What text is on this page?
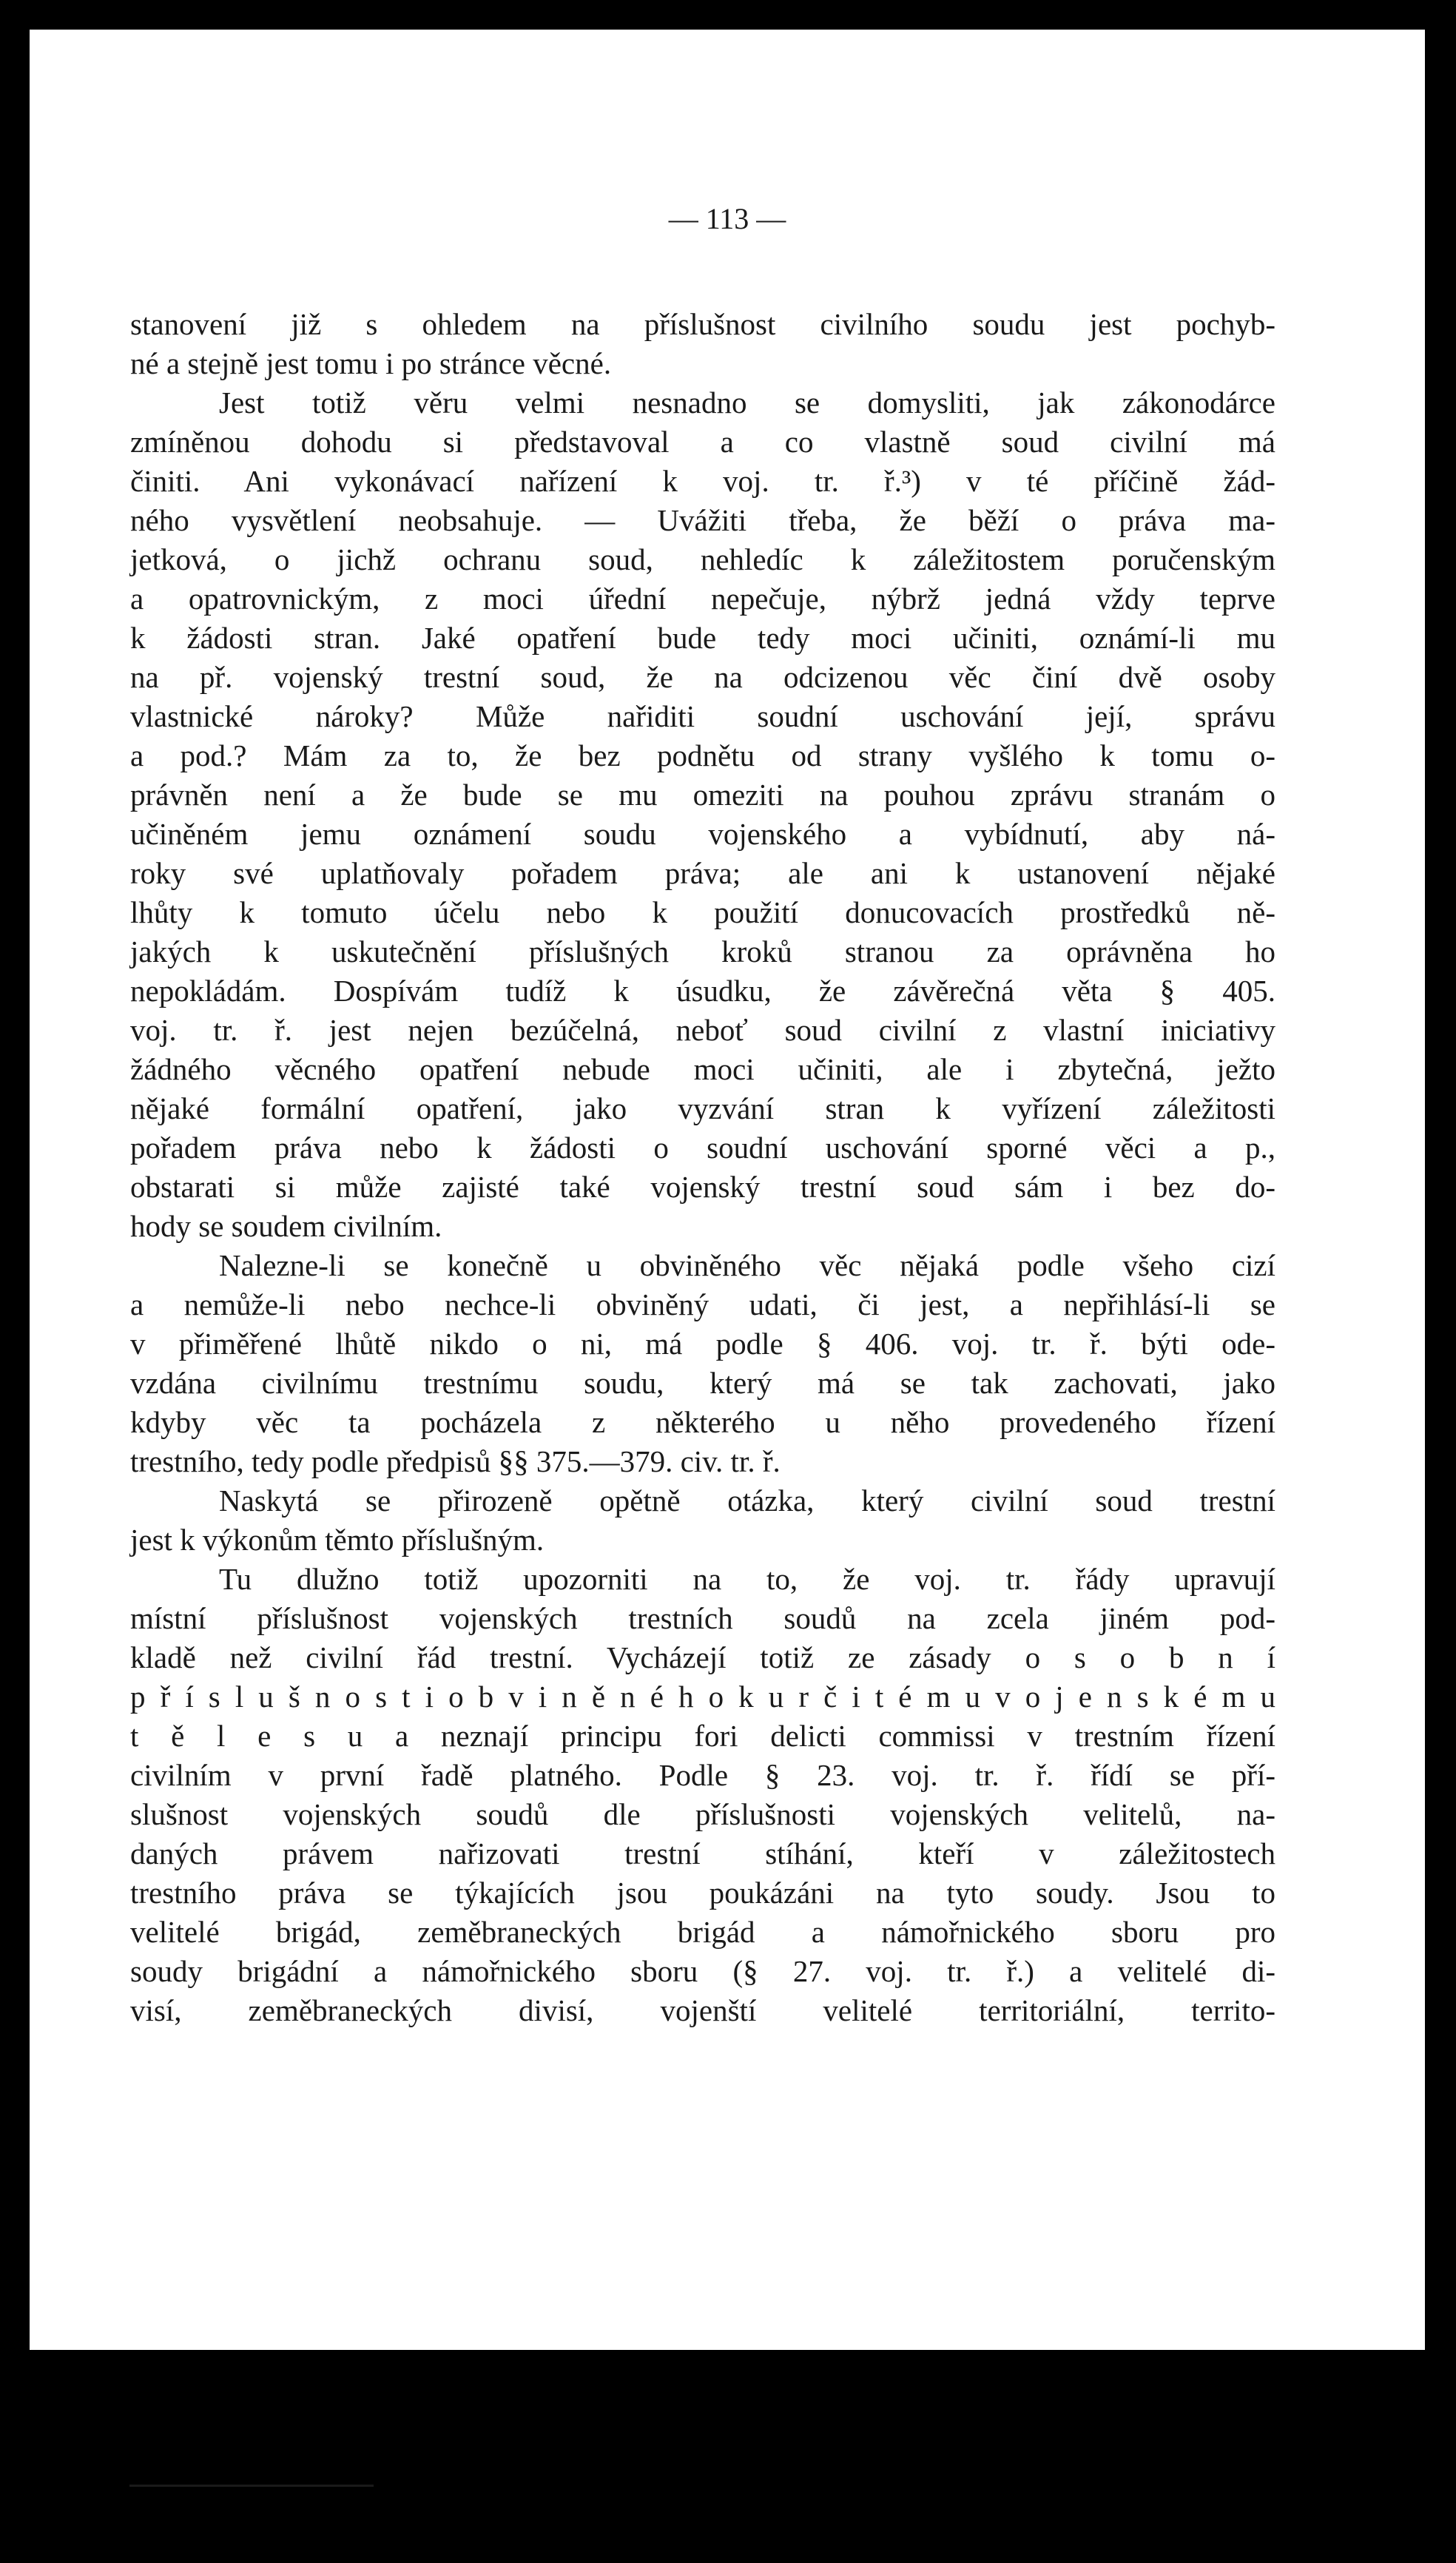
— 113 —
stanovení již s ohledem na příslušnost civilního soudu jest pochyb-
né a stejně jest tomu i po stránce věcné.
Jest totiž věru velmi nesnadno se domysliti, jak zákonodárce
zmíněnou dohodu si představoval a co vlastně soud civilní má
činiti. Ani vykonávací nařízení k voj. tr. ř.³) v té příčině žád-
ného vysvětlení neobsahuje. — Uvážiti třeba, že běží o práva ma-
jetková, o jichž ochranu soud, nehledíc k záležitostem poručenským
a opatrovnickým, z moci úřední nepečuje, nýbrž jedná vždy teprve
k žádosti stran. Jaké opatření bude tedy moci učiniti, oznámí-li mu
na př. vojenský trestní soud, že na odcizenou věc činí dvě osoby
vlastnické nároky? Může nařiditi soudní uschování její, správu
a pod.? Mám za to, že bez podnětu od strany vyšlého k tomu o-
právněn není a že bude se mu omeziti na pouhou zprávu stranám o
učiněném jemu oznámení soudu vojenského a vybídnutí, aby ná-
roky své uplatňovaly pořadem práva; ale ani k ustanovení nějaké
lhůty k tomuto účelu nebo k použití donucovacích prostředků ně-
jakých k uskutečnění příslušných kroků stranou za oprávněna ho
nepokládám. Dospívám tudíž k úsudku, že závěrečná věta § 405.
voj. tr. ř. jest nejen bezúčelná, neboť soud civilní z vlastní iniciativy
žádného věcného opatření nebude moci učiniti, ale i zbytečná, ježto
nějaké formální opatření, jako vyzvání stran k vyřízení záležitosti
pořadem práva nebo k žádosti o soudní uschování sporné věci a p.,
obstarati si může zajisté také vojenský trestní soud sám i bez do-
hody se soudem civilním.
Nalezne-li se konečně u obviněného věc nějaká podle všeho cizí
a nemůže-li nebo nechce-li obviněný udati, či jest, a nepřihlásí-li se
v přiměřené lhůtě nikdo o ni, má podle § 406. voj. tr. ř. býti ode-
vzdána civilnímu trestnímu soudu, který má se tak zachovati, jako
kdyby věc ta pocházela z některého u něho provedeného řízení
trestního, tedy podle předpisů §§ 375.—379. civ. tr. ř.
Naskytá se přirozeně opětně otázka, který civilní soud trestní
jest k výkonům těmto příslušným.
Tu dlužno totiž upozorniti na to, že voj. tr. řády upravují
místní příslušnost vojenských trestních soudů na zcela jiném pod-
kladě než civilní řád trestní. Vycházejí totiž ze zásady o s o b n í
p ř í s l u š n o s t i o b v i n ě n é h o k u r č i t é m u v o j e n s k é m u
t ě l e s u a neznají principu fori delicti commissi v trestním řízení
civilním v první řadě platného. Podle § 23. voj. tr. ř. řídí se pří-
slušnost vojenských soudů dle příslušnosti vojenských velitelů, na-
daných právem nařizovati trestní stíhání, kteří v záležitostech
trestního práva se týkajících jsou poukázáni na tyto soudy. Jsou to
velitelé brigád, zeměbraneckých brigád a námořnického sboru pro
soudy brigádní a námořnického sboru (§ 27. voj. tr. ř.) a velitelé di-
visí, zeměbraneckých divisí, vojenští velitelé territoriální, territo-
³) Naříz. min zem. obrany v dohodě s min. války, vnitra a práv ze
dne 23. května 1914, č. 121 ř. z.
